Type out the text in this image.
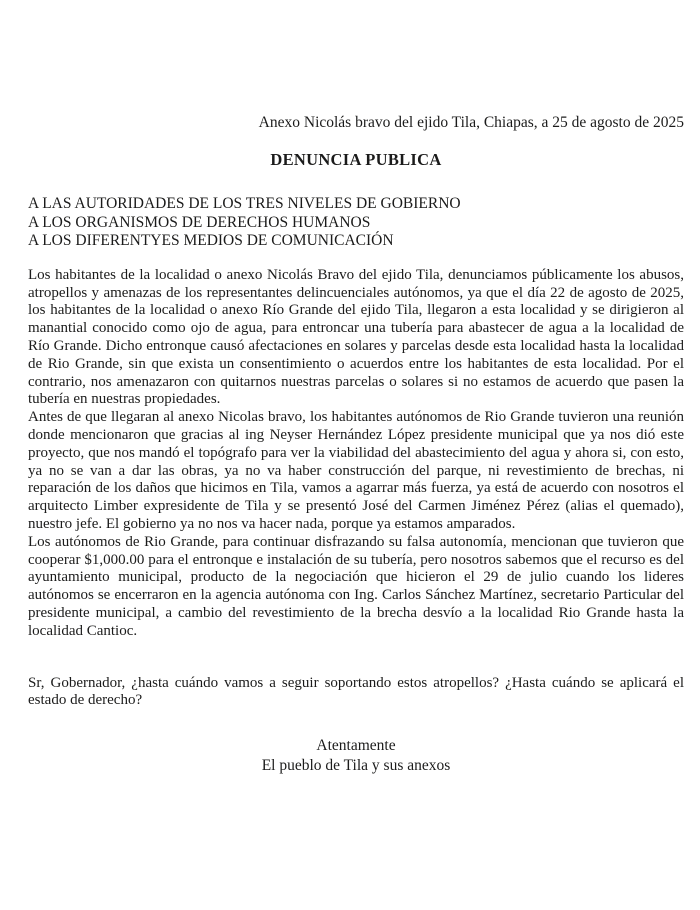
Anexo Nicolás bravo del ejido Tila, Chiapas, a 25 de agosto de 2025
DENUNCIA PUBLICA
A LAS AUTORIDADES DE LOS TRES NIVELES DE GOBIERNO
A LOS ORGANISMOS DE DERECHOS HUMANOS
A LOS DIFERENTYES MEDIOS DE COMUNICACIÓN

Los habitantes de la localidad o anexo Nicolás Bravo del ejido Tila, denunciamos públicamente los abusos, atropellos y amenazas de los representantes delincuenciales autónomos, ya que el día 22 de agosto de 2025, los habitantes de la localidad o anexo Río Grande del ejido Tila, llegaron a esta localidad y se dirigieron al manantial conocido como ojo de agua, para entroncar una tubería para abastecer de agua a la localidad de Río Grande. Dicho entronque causó afectaciones en solares y parcelas desde esta localidad hasta la localidad de Rio Grande, sin que exista un consentimiento o acuerdos entre los habitantes de esta localidad. Por el contrario, nos amenazaron con quitarnos nuestras parcelas o solares si no estamos de acuerdo que pasen la tubería en nuestras propiedades.

Antes de que llegaran al anexo Nicolas bravo, los habitantes autónomos de Rio Grande tuvieron una reunión donde mencionaron que gracias al ing Neyser Hernández López presidente municipal que ya nos dió este proyecto, que nos mandó el topógrafo para ver la viabilidad del abastecimiento del agua y ahora si, con esto, ya no se van a dar las obras, ya no va haber construcción del parque, ni revestimiento de brechas, ni reparación de los daños que hicimos en Tila, vamos a agarrar más fuerza, ya está de acuerdo con nosotros el arquitecto Limber expresidente de Tila y se presentó José del Carmen Jiménez Pérez (alias el quemado), nuestro jefe. El gobierno ya no nos va hacer nada, porque ya estamos amparados.

Los autónomos de Rio Grande, para continuar disfrazando su falsa autonomía, mencionan que tuvieron que cooperar $1,000.00 para el entronque e instalación de su tubería, pero nosotros sabemos que el recurso es del ayuntamiento municipal, producto de la negociación que hicieron el 29 de julio cuando los lideres autónomos se encerraron en la agencia autónoma con Ing. Carlos Sánchez Martínez, secretario Particular del presidente municipal, a cambio del revestimiento de la brecha desvío a la localidad Rio Grande hasta la localidad Cantioc.

Sr, Gobernador, ¿hasta cuándo vamos a seguir soportando estos atropellos? ¿Hasta cuándo se aplicará el estado de derecho?

Atentamente
El pueblo de Tila y sus anexos
